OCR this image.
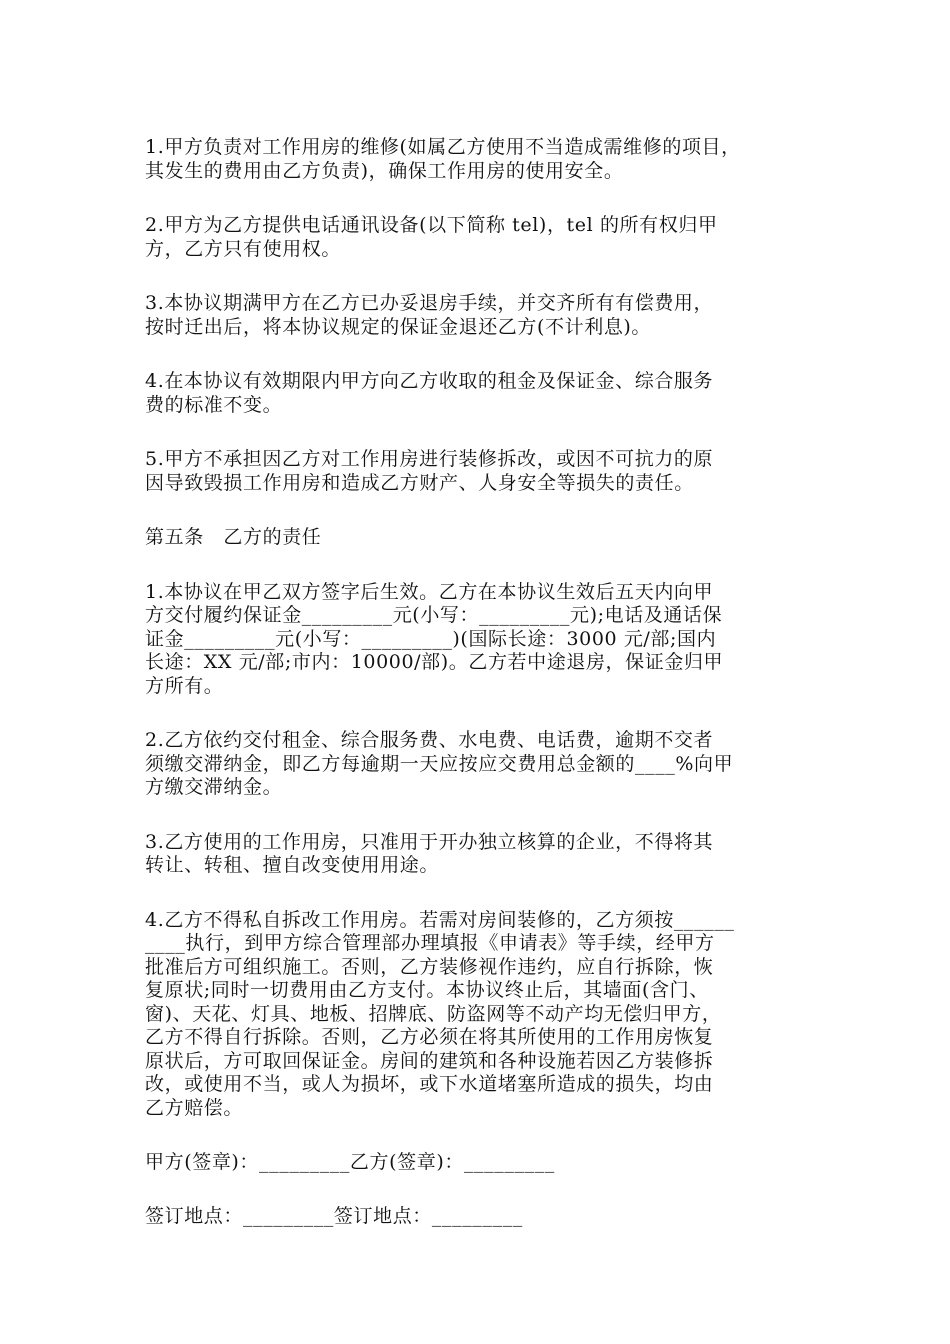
1.甲方负责对工作用房的维修(如属乙方使用不当造成需维修的项目，
其发生的费用由乙方负责)，确保工作用房的使用安全。
2.甲方为乙方提供电话通讯设备(以下简称 tel)，tel 的所有权归甲
方，乙方只有使用权。
3.本协议期满甲方在乙方已办妥退房手续，并交齐所有有偿费用，
按时迁出后，将本协议规定的保证金退还乙方(不计利息)。
4.在本协议有效期限内甲方向乙方收取的租金及保证金、综合服务
费的标准不变。
5.甲方不承担因乙方对工作用房进行装修拆改，或因不可抗力的原
因导致毁损工作用房和造成乙方财产、人身安全等损失的责任。
第五条　乙方的责任
1.本协议在甲乙双方签字后生效。乙方在本协议生效后五天内向甲
方交付履约保证金_________元(小写：_________元);电话及通话保
证金_________元(小写：_________)(国际长途：3000 元/部;国内
长途：XX 元/部;市内：10000/部)。乙方若中途退房，保证金归甲
方所有。
2.乙方依约交付租金、综合服务费、水电费、电话费，逾期不交者
须缴交滞纳金，即乙方每逾期一天应按应交费用总金额的____%向甲
方缴交滞纳金。
3.乙方使用的工作用房，只准用于开办独立核算的企业，不得将其
转让、转租、擅自改变使用用途。
4.乙方不得私自拆改工作用房。若需对房间装修的，乙方须按______
____执行，到甲方综合管理部办理填报《申请表》等手续，经甲方
批准后方可组织施工。否则，乙方装修视作违约，应自行拆除，恢
复原状;同时一切费用由乙方支付。本协议终止后，其墙面(含门、
窗)、天花、灯具、地板、招牌底、防盗网等不动产均无偿归甲方，
乙方不得自行拆除。否则，乙方必须在将其所使用的工作用房恢复
原状后，方可取回保证金。房间的建筑和各种设施若因乙方装修拆
改，或使用不当，或人为损坏，或下水道堵塞所造成的损失，均由
乙方赔偿。
甲方(签章)：_________乙方(签章)：_________
签订地点：_________签订地点：_________
